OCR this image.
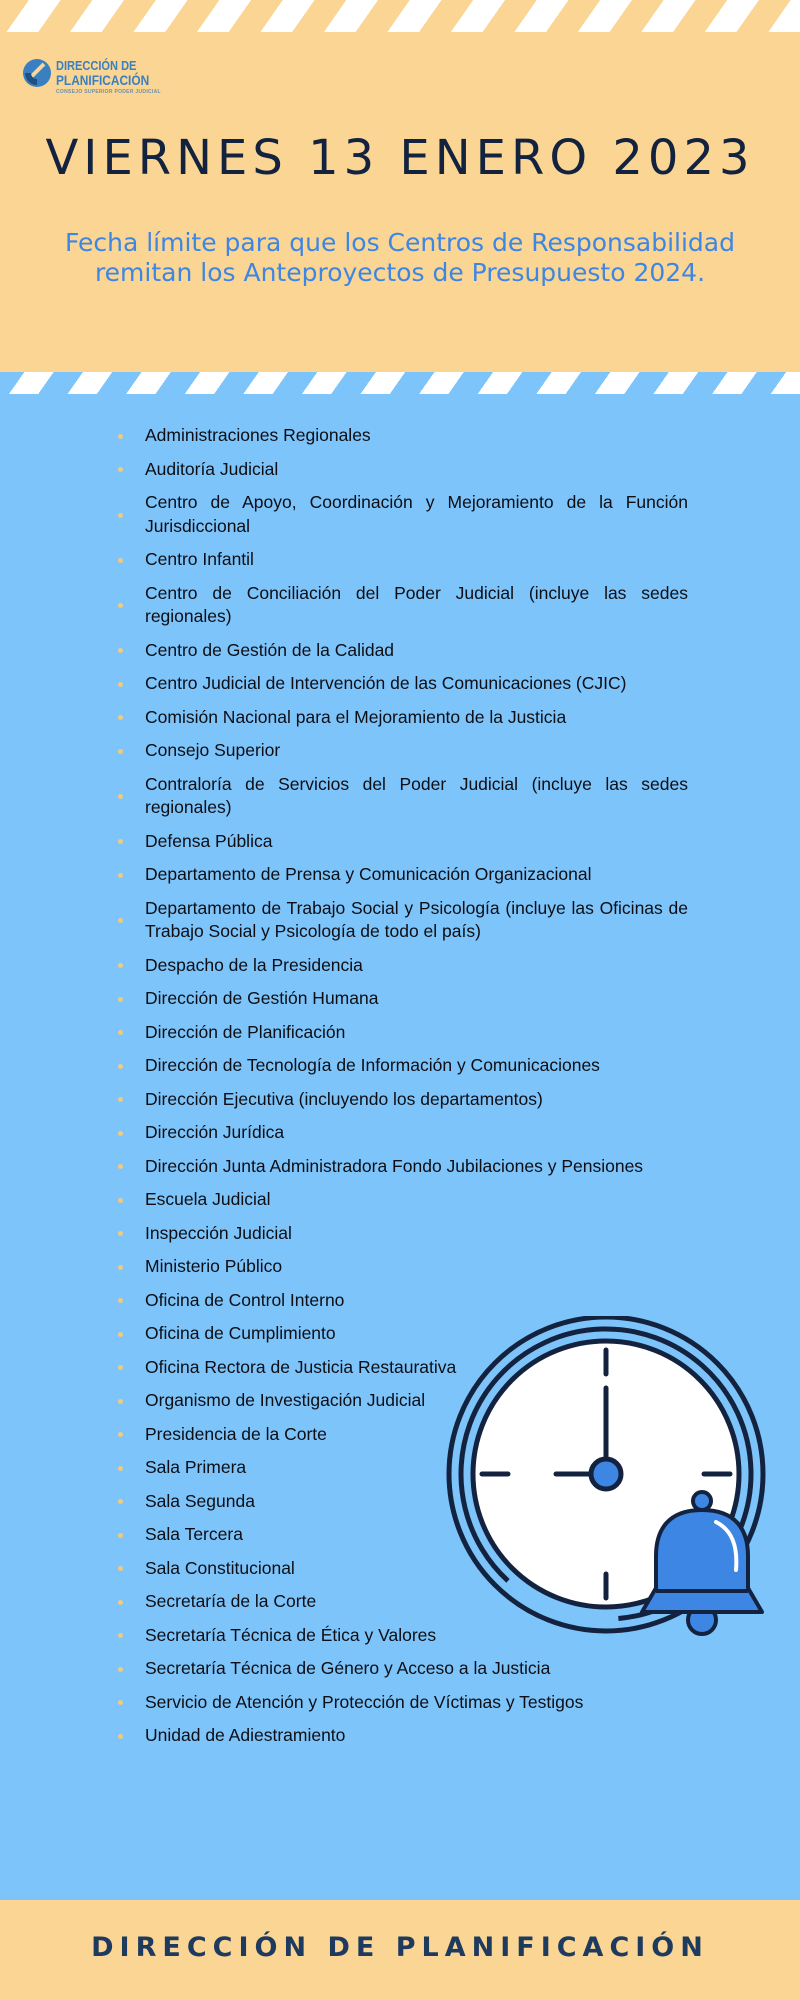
DIRECCIÓN DE
PLANIFICACIÓN
CONSEJO SUPERIOR PODER JUDICIAL
VIERNES 13 ENERO 2023

Fecha límite para que los Centros de Responsabilidad remitan los Anteproyectos de Presupuesto 2024.

Administraciones Regionales
Auditoría Judicial
Centro de Apoyo, Coordinación y Mejoramiento de la Función Jurisdiccional
Centro Infantil
Centro de Conciliación del Poder Judicial (incluye las sedes regionales)
Centro de Gestión de la Calidad
Centro Judicial de Intervención de las Comunicaciones (CJIC)
Comisión Nacional para el Mejoramiento de la Justicia
Consejo Superior
Contraloría de Servicios del Poder Judicial (incluye las sedes regionales)
Defensa Pública
Departamento de Prensa y Comunicación Organizacional
Departamento de Trabajo Social y Psicología (incluye las Oficinas de Trabajo Social y Psicología de todo el país)
Despacho de la Presidencia
Dirección de Gestión Humana
Dirección de Planificación
Dirección de Tecnología de Información y Comunicaciones
Dirección Ejecutiva (incluyendo los departamentos)
Dirección Jurídica
Dirección Junta Administradora Fondo Jubilaciones y Pensiones
Escuela Judicial
Inspección Judicial
Ministerio Público
Oficina de Control Interno
Oficina de Cumplimiento
Oficina Rectora de Justicia Restaurativa
Organismo de Investigación Judicial
Presidencia de la Corte
Sala Primera
Sala Segunda
Sala Tercera
Sala Constitucional
Secretaría de la Corte
Secretaría Técnica de Ética y Valores
Secretaría Técnica de Género y Acceso a la Justicia
Servicio de Atención y Protección de Víctimas y Testigos
Unidad de Adiestramiento

DIRECCIÓN DE PLANIFICACIÓN
